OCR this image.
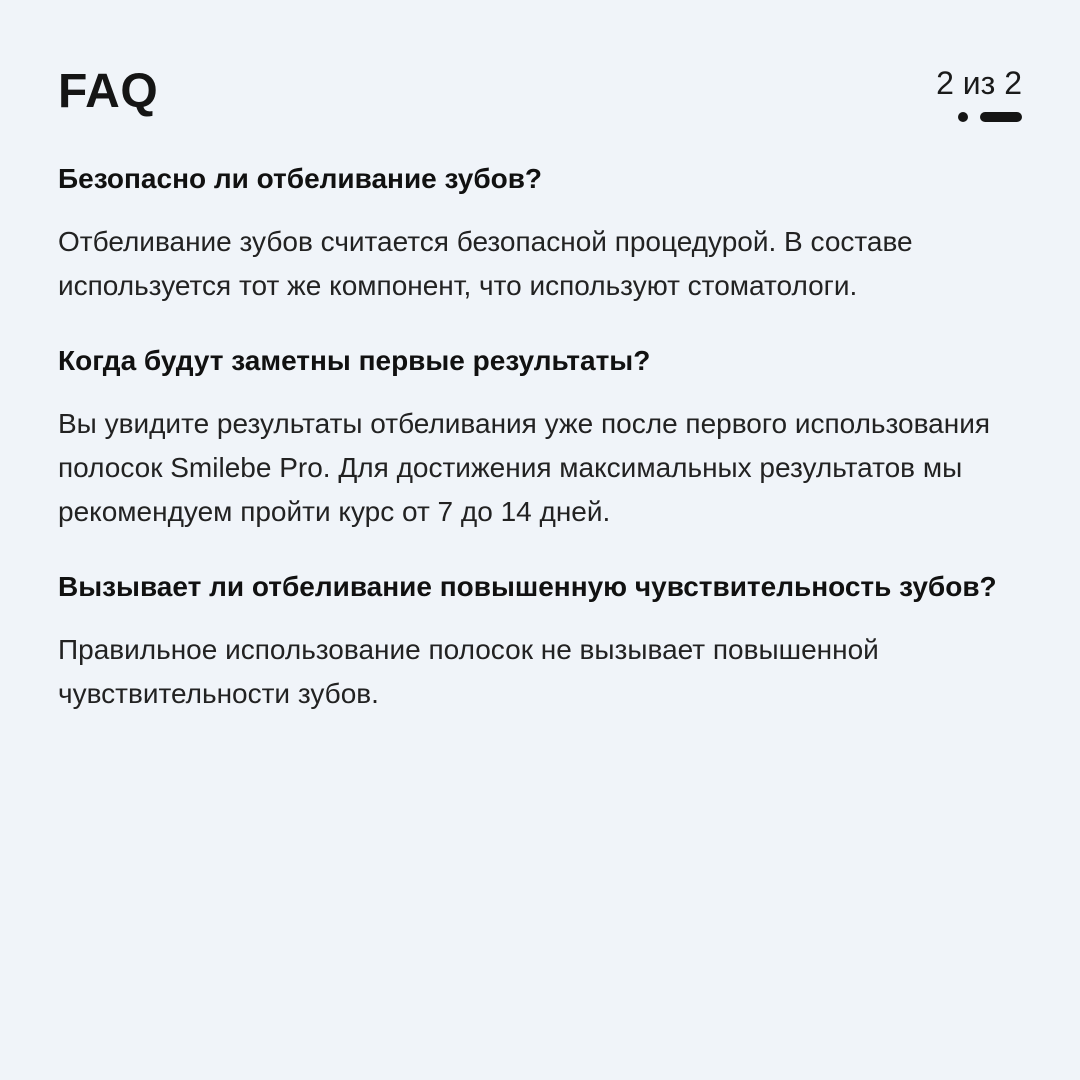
FAQ	2 из 2
Безопасно ли отбеливание зубов?

Отбеливание зубов считается безопасной процедурой. В составе используется тот же компонент, что используют стоматологи.

Когда будут заметны первые результаты?

Вы увидите результаты отбеливания уже после первого использования полосок Smilebe Pro. Для достижения максимальных результатов мы рекомендуем пройти курс от 7 до 14 дней.

Вызывает ли отбеливание повышенную чувствительность зубов?

Правильное использование полосок не вызывает повышенной чувствительности зубов.
